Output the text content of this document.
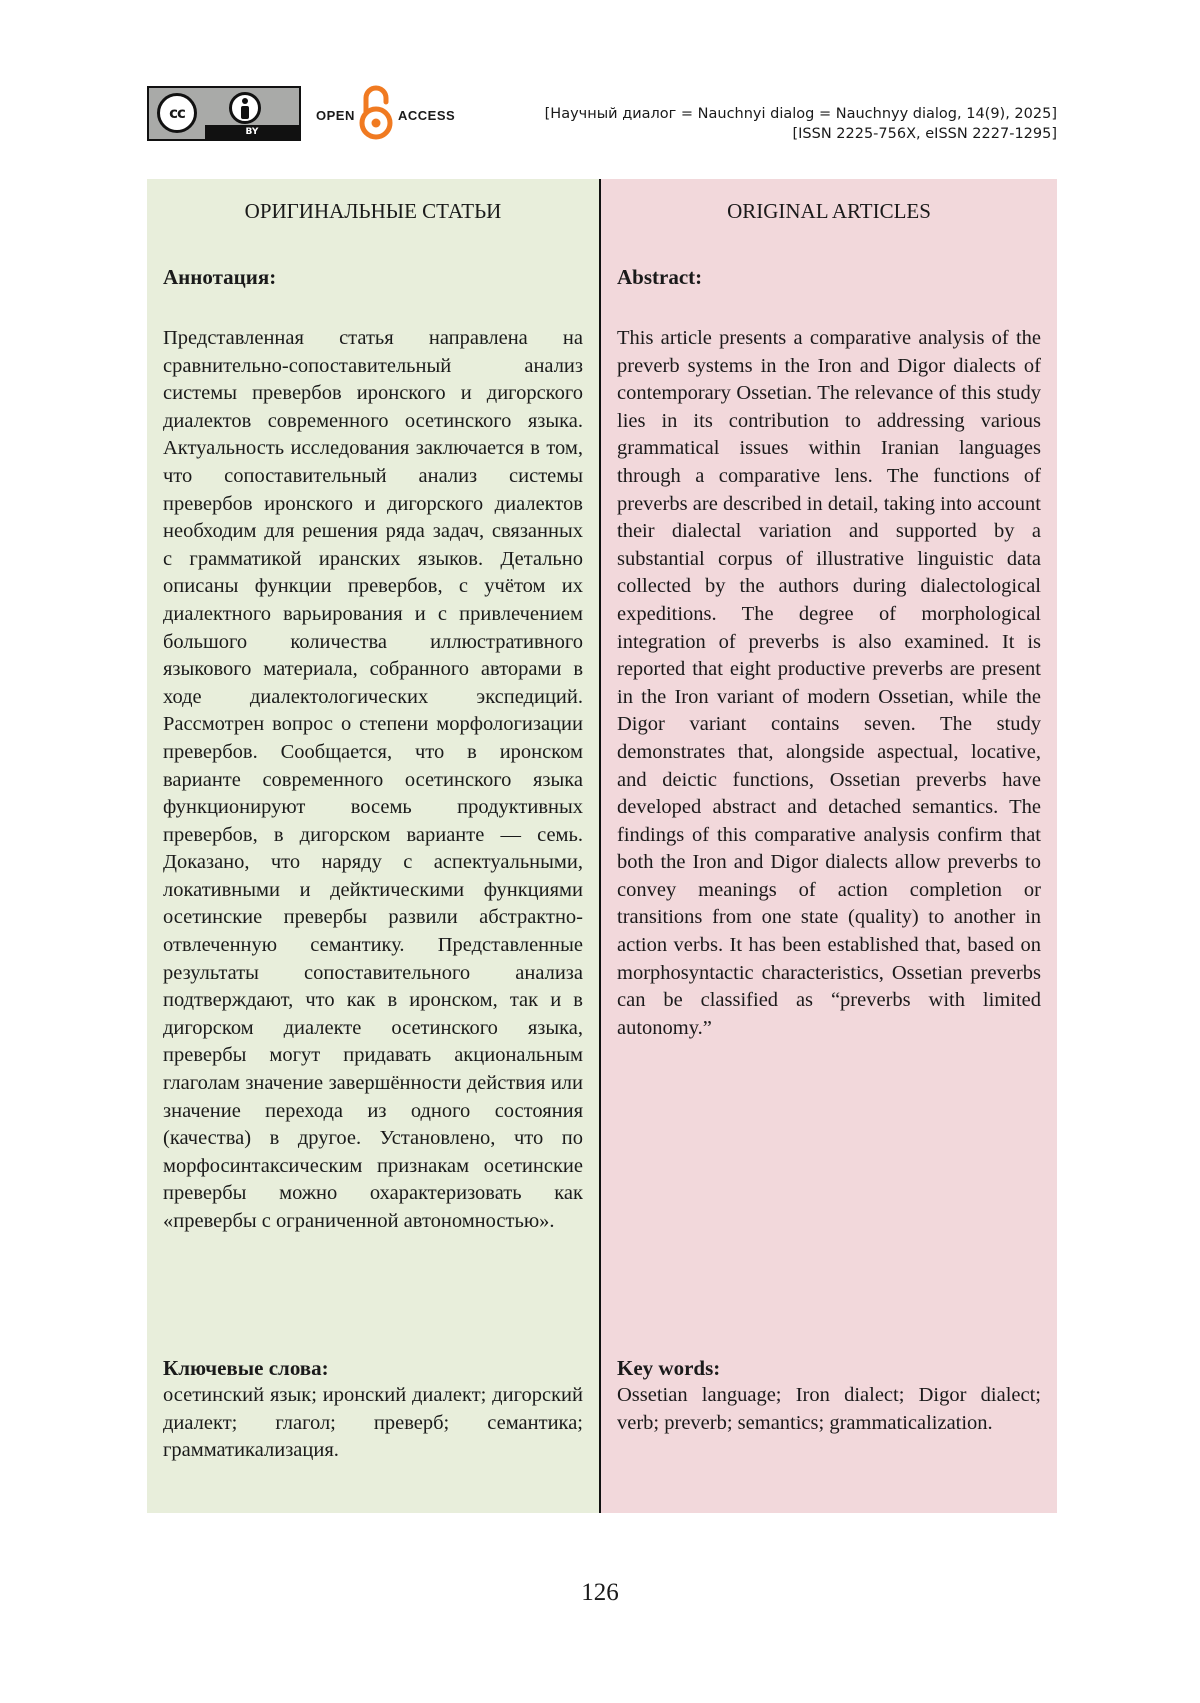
cc
BY
OPEN	ACCESS	[Научный диалог = Nauchnyi dialog = Nauchnyy dialog, 14(9), 2025]
[ISSN 2225-756X, eISSN 2227-1295]
ОРИГИНАЛЬНЫЕ СТАТЬИ
Аннотация:
Представленная статья направлена на сравнительно-сопоставительный анализ системы превербов иронского и дигорского диалектов современного осетинского языка. Актуальность исследования заключается в том, что сопоставительный анализ системы превербов иронского и дигорского диалектов необходим для решения ряда задач, связанных с грамматикой иранских языков. Детально описаны функции превербов, с учётом их диалектного варьирования и с привлечением большого количества иллюстративного языкового материала, собранного авторами в ходе диалектологических экспедиций. Рассмотрен вопрос о степени морфологизации превербов. Сообщается, что в иронском варианте современного осетинского языка функционируют восемь продуктивных превербов, в дигорском варианте — семь. Доказано, что наряду с аспектуальными, локативными и дейктическими функциями осетинские превербы развили абстрактно-отвлеченную семантику. Представленные результаты сопоставительного анализа подтверждают, что как в иронском, так и в дигорском диалекте осетинского языка, превербы могут придавать акциональным глаголам значение завершённости действия или значение перехода из одного состояния (качества) в другое. Установлено, что по морфосинтаксическим признакам осетинские превербы можно охарактеризовать как «превербы с ограниченной автономностью».
Ключевые слова:
осетинский язык; иронский диалект; дигорский диалект; глагол; преверб; семантика; грамматикализация.
ORIGINAL ARTICLES
Abstract:
This article presents a comparative analysis of the preverb systems in the Iron and Digor dialects of contemporary Ossetian. The relevance of this study lies in its contribution to addressing various grammatical issues within Iranian languages through a comparative lens. The functions of preverbs are described in detail, taking into account their dialectal variation and supported by a substantial corpus of illustrative linguistic data collected by the authors during dialectological expeditions. The degree of morphological integration of preverbs is also examined. It is reported that eight productive preverbs are present in the Iron variant of modern Ossetian, while the Digor variant contains seven. The study demonstrates that, alongside aspectual, locative, and deictic functions, Ossetian preverbs have developed abstract and detached semantics. The findings of this comparative analysis confirm that both the Iron and Digor dialects allow preverbs to convey meanings of action completion or transitions from one state (quality) to another in action verbs. It has been established that, based on morphosyntactic characteristics, Ossetian preverbs can be classified as “preverbs with limited autonomy.”
Key words:
Ossetian language; Iron dialect; Digor dialect; verb; preverb; semantics; grammaticalization.
126
